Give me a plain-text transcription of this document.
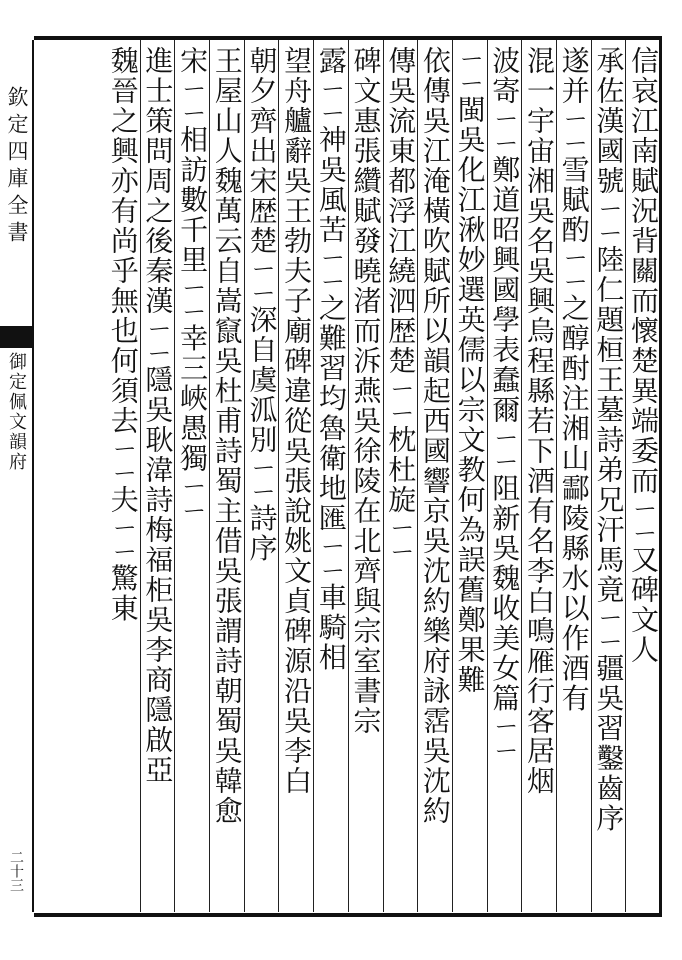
欽定四庫全書
御定佩文韻府
二十三
信哀江南賦況背關而懷楚異端委而ㄧㄧ又碑文人
承佐漢國號ㄧㄧ陸仁題桓王墓詩弟兄汗馬竟ㄧㄧ疆吳習鑿齒序
遂并ㄧㄧ雪賦酌ㄧㄧ之醇酎注湘山酃陵縣水以作酒有
混一宇宙湘吳名吳興烏程縣若下酒有名李白鳴雁行客居烟
波寄ㄧㄧ鄭道昭興國學表蠢爾ㄧㄧ阻新吳魏收美女篇ㄧㄧ
ㄧㄧ閩吳化江湫妙選英儒以宗文教何為誤舊鄭果難
依傳吳江淹橫吹賦所以韻起西國響京吳沈約樂府詠霑吳沈約
傳吳流東都浮江繞泗歴楚ㄧㄧ枕杜旋ㄧㄧ
碑文惠張纘賦發曉渚而泝燕吳徐陵在北齊與宗室書宗
露ㄧㄧ神吳風苦ㄧㄧ之難習均魯衛地匯ㄧㄧ車騎相
望舟艫辭吳王勃夫子廟碑違從吳張說姚文貞碑源沿吳李白
朝夕齊出宋歴楚ㄧㄧ深自虞泒別ㄧㄧ詩序
王屋山人魏萬云自嵩竄吳杜甫詩蜀主借吳張謂詩朝蜀吳韓愈
宋ㄧㄧ相訪數千里ㄧㄧ幸三峽愚獨ㄧㄧ
進士策問周之後秦漢ㄧㄧ隱吳耿湋詩梅福柜吳李商隱啟亞
魏晉之興亦有尚乎無也何須去ㄧㄧ夫ㄧㄧ驚東
